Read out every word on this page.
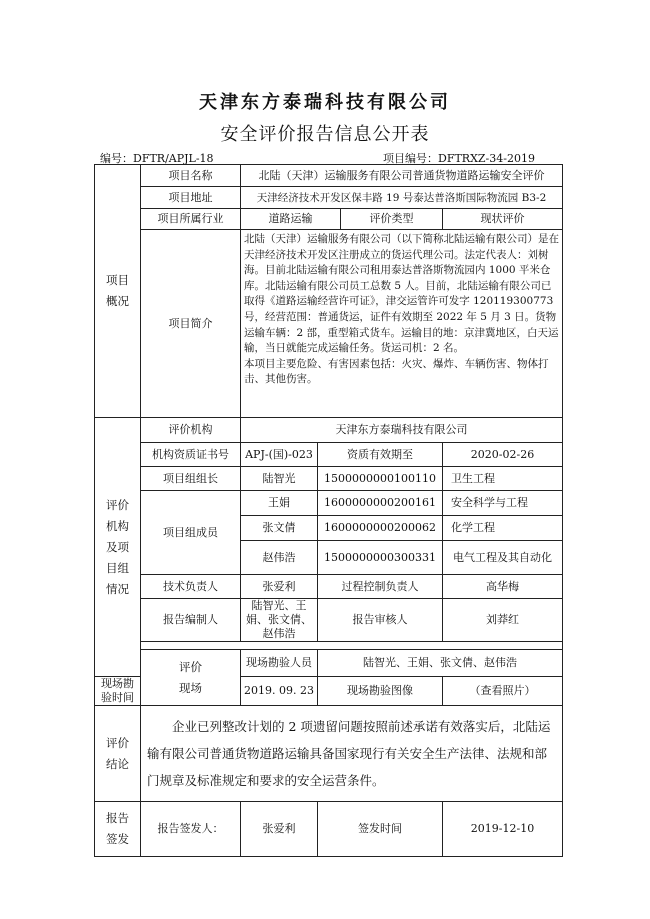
天津东方泰瑞科技有限公司
安全评价报告信息公开表
编号：DFTR/APJL-18	项目编号：DFTRXZ-34-2019
项目
概况	项目名称	北陆（天津）运输服务有限公司普通货物道路运输安全评价			
	项目地址	天津经济技术开发区保丰路 19 号泰达普洛斯国际物流园 B3-2			
	项目所属行业	道路运输		评价类型	现状评价
	项目简介	北陆（天津）运输服务有限公司（以下简称北陆运输有限公司）是在天津经济技术开发区注册成立的货运代理公司。法定代表人：刘树海。目前北陆运输有限公司租用泰达普洛斯物流园内 1000 平米仓库。北陆运输有限公司员工总数 5 人。目前，北陆运输有限公司已取得《道路运输经营许可证》，津交运管许可发字 120119300773 号，经营范围：普通货运，证件有效期至 2022 年 5 月 3 日。货物运输车辆：2 部，重型箱式货车。运输目的地：京津冀地区，白天运输，当日就能完成运输任务。货运司机：2 名。

本项目主要危险、有害因素包括：火灾、爆炸、车辆伤害、物体打击、其他伤害。			

评价
机构
及项
目组
情况	评价机构	天津东方泰瑞科技有限公司			
	机构资质证书号	APJ-(国)-023	资质有效期至		2020-02-26
	项目组组长	陆智光	1500000000100110		卫生工程
	项目组成员	王娟	1600000000200161		安全科学与工程
		张文倩	1600000000200062		化学工程
		赵伟浩	1500000000300331		电气工程及其自动化
	技术负责人	张爱利	过程控制负责人		高华梅
	报告编制人	陆智光、王娟、张文倩、赵伟浩	报告审核人		刘莽红

	评价
现场	现场勘验人员	陆智光、王娟、张文倩、赵伟浩		
现场勘验时间		2019. 09. 23	现场勘验图像		（查看照片）

评价
结论	企业已列整改计划的 2 项遗留问题按照前述承诺有效落实后，北陆运输有限公司普通货物道路运输具备国家现行有关安全生产法律、法规和部门规章及标准规定和要求的安全运营条件。				

报告
签发	报告签发人：	张爱利	签发时间		2019-12-10
